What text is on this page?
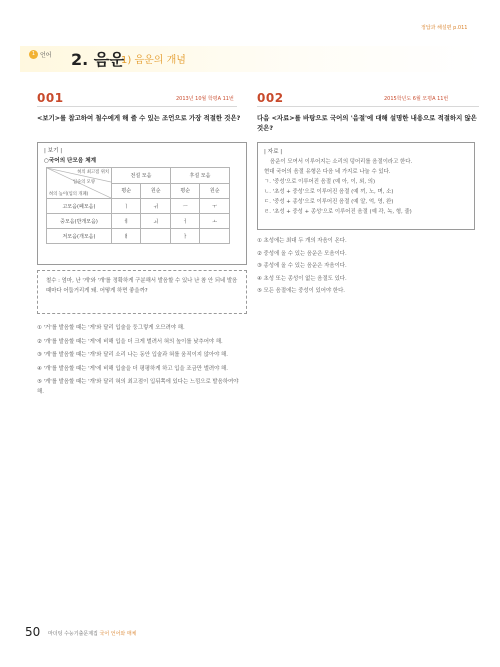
정답과 해설편 p.011
1 언어 2. 음운
1) 음운의 개념
001	2013년 10월 학평A 11번
<보기>를 참고하여 철수에게 해 줄 수 있는 조언으로 가장 적절한 것은?
| 보기 |
○국어의 단모음 체계
혀의 최고점 위치
입술의 모양
혀의 높이(입의 개폐)	전설 모음		후설 모음	
	평순	원순	평순	원순
고모음(폐모음)	ㅣ	ㅟ	ㅡ	ㅜ
중모음(반개모음)	ㅔ	ㅚ	ㅓ	ㅗ
저모음(개모음)	ㅐ		ㅏ	
철수 : 엄마, 난 '게'와 '개'를 정확하게 구분해서 발음할 수 있나 난 참 안 되네 발음 때마다 어둡거리게 돼. 어떻게 하면 좋을까?
① '거'를 발음할 때는 '게'와 달리 입술을 둥그렇게 오므려야 해.
② '개'를 발음할 때는 '게'에 비해 입을 더 크게 벌려서 혀의 높이를 낮추어야 해.
③ '게'를 발음할 때는 '개'와 달리 소리 나는 동안 입술과 혀를 움직이지 않아야 해.
④ '개'를 발음할 때는 '게'에 비해 입술을 더 평평하게 하고 입을 조금만 벌려야 해.
⑤ '게'를 발음할 때는 '개'와 달리 혀의 최고점이 입뒤쪽에 있다는 느낌으로 발음하여야 해.
002	2015학년도 6월 모평A 11번
다음 <자료>를 바탕으로 국어의 '음절'에 대해 설명한 내용으로 적절하지 않은 것은?
| 자료 |
음운이 모여서 이루어지는 소리의 덩어리를 음절이라고 한다.
현대 국어의 음절 유형은 다음 네 가지로 나눌 수 있다.
ㄱ. '중성'으로 이루어진 음절 (예 아, 이, 외, 의)
ㄴ. '초성 + 중성'으로 이루어진 음절 (예 끼, 노, 며, 소)
ㄷ. '중성 + 종성'으로 이루어진 음절 (예 알, 억, 영, 완)
ㄹ. '초성 + 중성 + 종성'으로 이루어진 음절 (예 각, 녹, 형, 줄)
① 초성에는 최대 두 개의 자음이 온다.
② 중성에 올 수 있는 음운은 모음이다.
③ 종성에 올 수 있는 음운은 자음이다.
④ 초성 또는 종성이 없는 음절도 있다.
⑤ 모든 음절에는 중성이 있어야 한다.
50 마더텅 수능기출문제집 국어 언어와 매체
